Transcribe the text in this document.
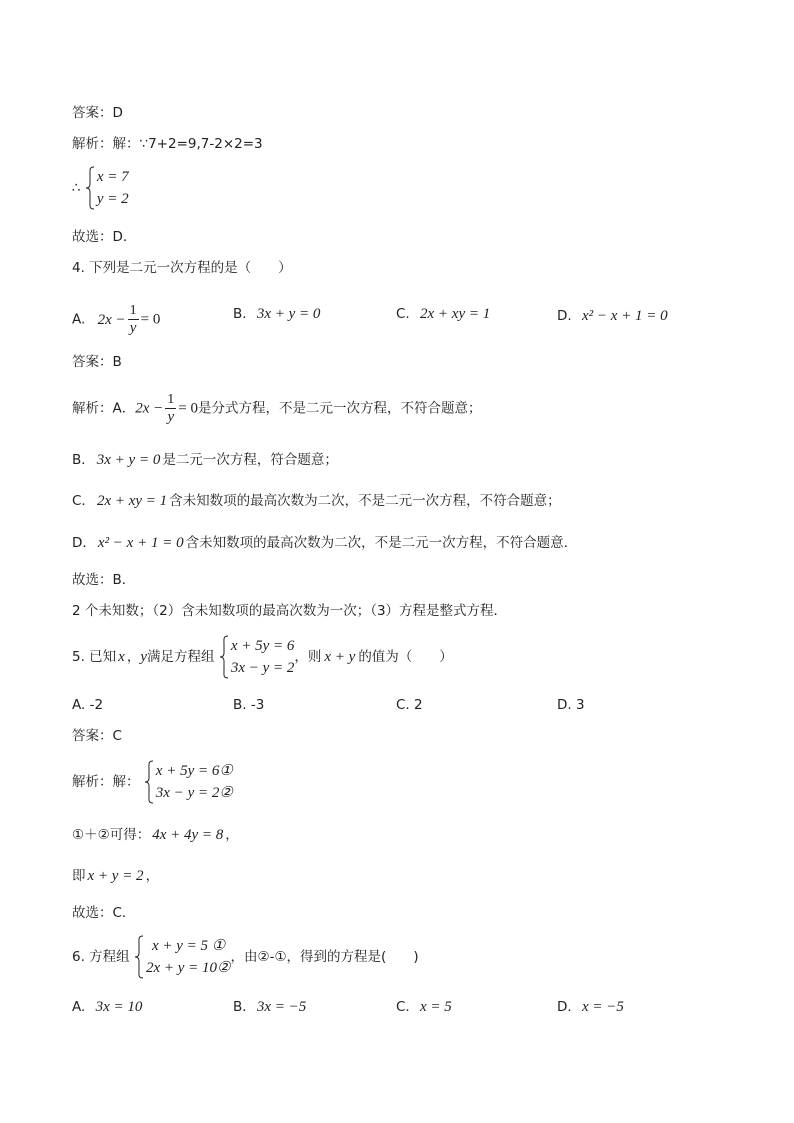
答案：D
解析：解：∵7+2=9,7-2×2=3
∴
x = 7
y = 2
故选：D．
4. 下列是二元一次方程的是（　　）
A. $2x - \frac{1}{y} = 0$	B. 3x + y = 0	C. 2x + xy = 1	D. x² − x + 1 = 0
答案：B
解析：A．$2x - \frac{1}{y} = 0$是分式方程，不是二元一次方程，不符合题意；
B． 3x + y = 0 是二元一次方程，符合题意；
C． 2x + xy = 1 含未知数项的最高次数为二次，不是二元一次方程，不符合题意；
D． x² − x + 1 = 0 含未知数项的最高次数为二次，不是二元一次方程，不符合题意．
故选：B．
2 个未知数；（2）含未知数项的最高次数为一次；（3）方程是整式方程．
5. 已知 x ，y满足方程组
x + 5y = 6
3x − y = 2
，则 x + y 的值为（　　）
A. -2	B. -3	C. 2	D. 3
答案：C
解析：解：
x + 5y = 6①
3x − y = 2②
①＋②可得： 4x + 4y = 8 ，
即 x + y = 2 ，
故选：C．
6. 方程组
x + y = 5 ①
2x + y = 10②
，由②-①，得到的方程是(　　)
A. 3x = 10	B. 3x = −5	C. x = 5	D. x = −5
